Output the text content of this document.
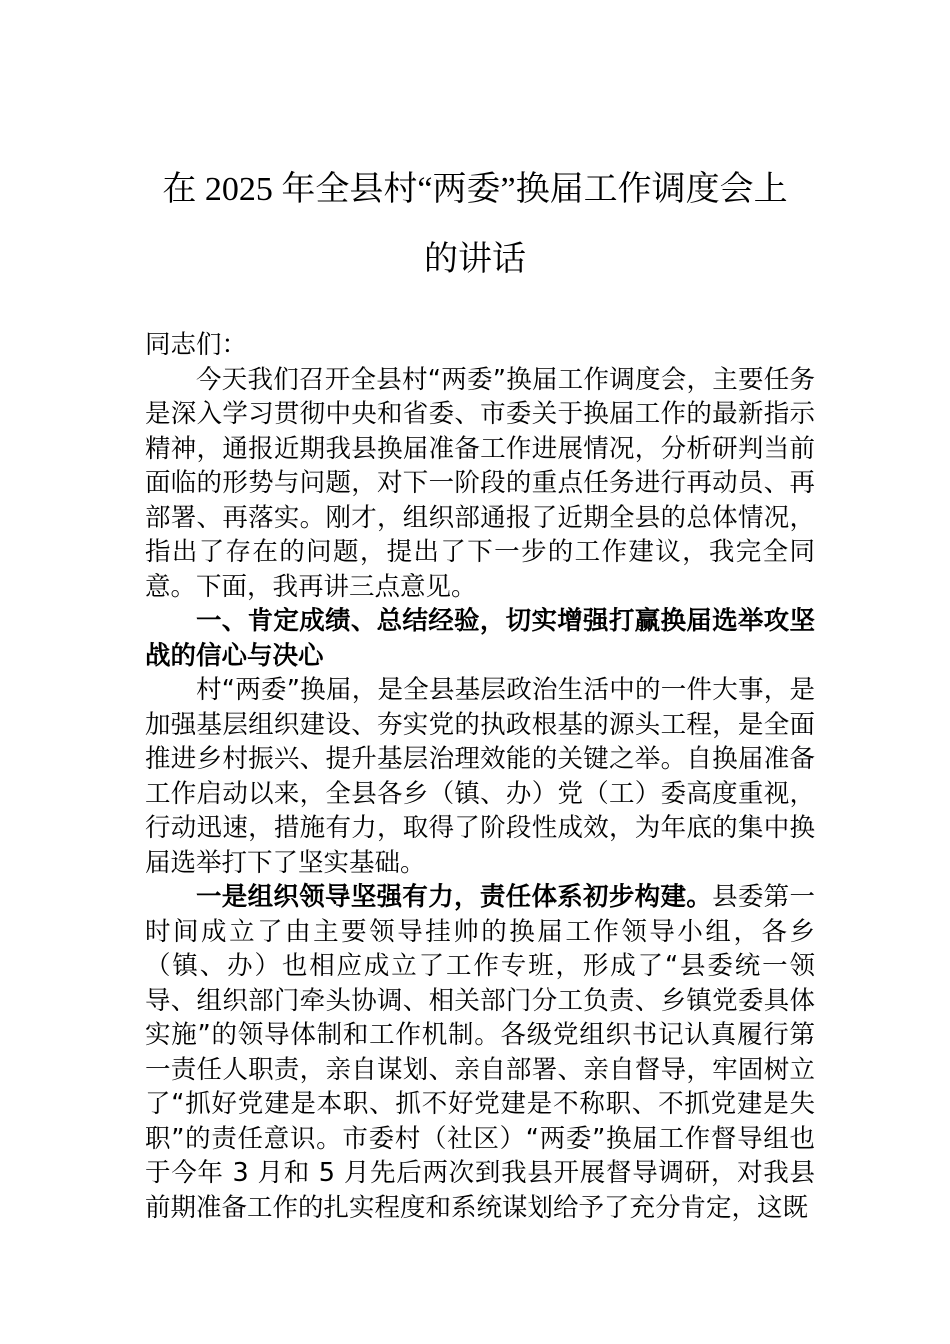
在 2025 年全县村“两委”换届工作调度会上
的讲话

同志们：

今天我们召开全县村“两委”换届工作调度会，主要任务是深入学习贯彻中央和省委、市委关于换届工作的最新指示精神，通报近期我县换届准备工作进展情况，分析研判当前面临的形势与问题，对下一阶段的重点任务进行再动员、再部署、再落实。刚才，组织部通报了近期全县的总体情况，指出了存在的问题，提出了下一步的工作建议，我完全同意。下面，我再讲三点意见。

一、肯定成绩、总结经验，切实增强打赢换届选举攻坚战的信心与决心

村“两委”换届，是全县基层政治生活中的一件大事，是加强基层组织建设、夯实党的执政根基的源头工程，是全面推进乡村振兴、提升基层治理效能的关键之举。自换届准备工作启动以来，全县各乡（镇、办）党（工）委高度重视，行动迅速，措施有力，取得了阶段性成效，为年底的集中换届选举打下了坚实基础。

一是组织领导坚强有力，责任体系初步构建。县委第一时间成立了由主要领导挂帅的换届工作领导小组，各乡（镇、办）也相应成立了工作专班，形成了“县委统一领导、组织部门牵头协调、相关部门分工负责、乡镇党委具体实施”的领导体制和工作机制。各级党组织书记认真履行第一责任人职责，亲自谋划、亲自部署、亲自督导，牢固树立了“抓好党建是本职、抓不好党建是不称职、不抓党建是失职”的责任意识。市委村（社区）“两委”换届工作督导组也于今年 3 月和 5 月先后两次到我县开展督导调研，对我县前期准备工作的扎实程度和系统谋划给予了充分肯定，这既
